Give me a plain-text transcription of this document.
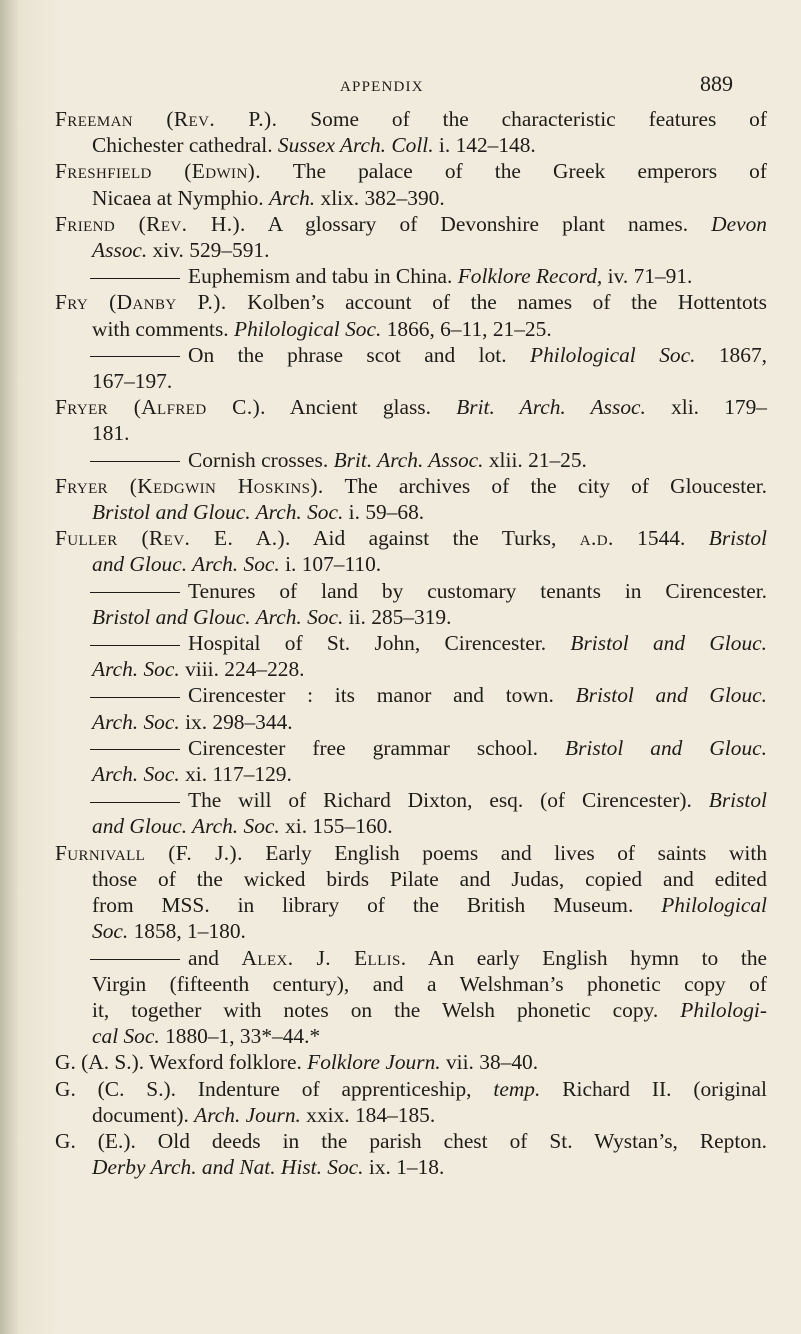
APPENDIX	889
Freeman (Rev. P.). Some of the characteristic features of
Chichester cathedral. Sussex Arch. Coll. i. 142–148.
Freshfield (Edwin). The palace of the Greek emperors of
Nicaea at Nymphio. Arch. xlix. 382–390.
Friend (Rev. H.). A glossary of Devonshire plant names. Devon
Assoc. xiv. 529–591.
Euphemism and tabu in China. Folklore Record, iv. 71–91.
Fry (Danby P.). Kolben’s account of the names of the Hottentots
with comments. Philological Soc. 1866, 6–11, 21–25.
On the phrase scot and lot. Philological Soc. 1867,
167–197.
Fryer (Alfred C.). Ancient glass. Brit. Arch. Assoc. xli. 179–
181.
Cornish crosses. Brit. Arch. Assoc. xlii. 21–25.
Fryer (Kedgwin Hoskins). The archives of the city of Gloucester.
Bristol and Glouc. Arch. Soc. i. 59–68.
Fuller (Rev. E. A.). Aid against the Turks, a.d. 1544. Bristol
and Glouc. Arch. Soc. i. 107–110.
Tenures of land by customary tenants in Cirencester.
Bristol and Glouc. Arch. Soc. ii. 285–319.
Hospital of St. John, Cirencester. Bristol and Glouc.
Arch. Soc. viii. 224–228.
Cirencester : its manor and town. Bristol and Glouc.
Arch. Soc. ix. 298–344.
Cirencester free grammar school. Bristol and Glouc.
Arch. Soc. xi. 117–129.
The will of Richard Dixton, esq. (of Cirencester). Bristol
and Glouc. Arch. Soc. xi. 155–160.
Furnivall (F. J.). Early English poems and lives of saints with
those of the wicked birds Pilate and Judas, copied and edited
from MSS. in library of the British Museum. Philological
Soc. 1858, 1–180.
and Alex. J. Ellis. An early English hymn to the
Virgin (fifteenth century), and a Welshman’s phonetic copy of
it, together with notes on the Welsh phonetic copy. Philologi-
cal Soc. 1880–1, 33*–44.*
G. (A. S.). Wexford folklore. Folklore Journ. vii. 38–40.
G. (C. S.). Indenture of apprenticeship, temp. Richard II. (original
document). Arch. Journ. xxix. 184–185.
G. (E.). Old deeds in the parish chest of St. Wystan’s, Repton.
Derby Arch. and Nat. Hist. Soc. ix. 1–18.
